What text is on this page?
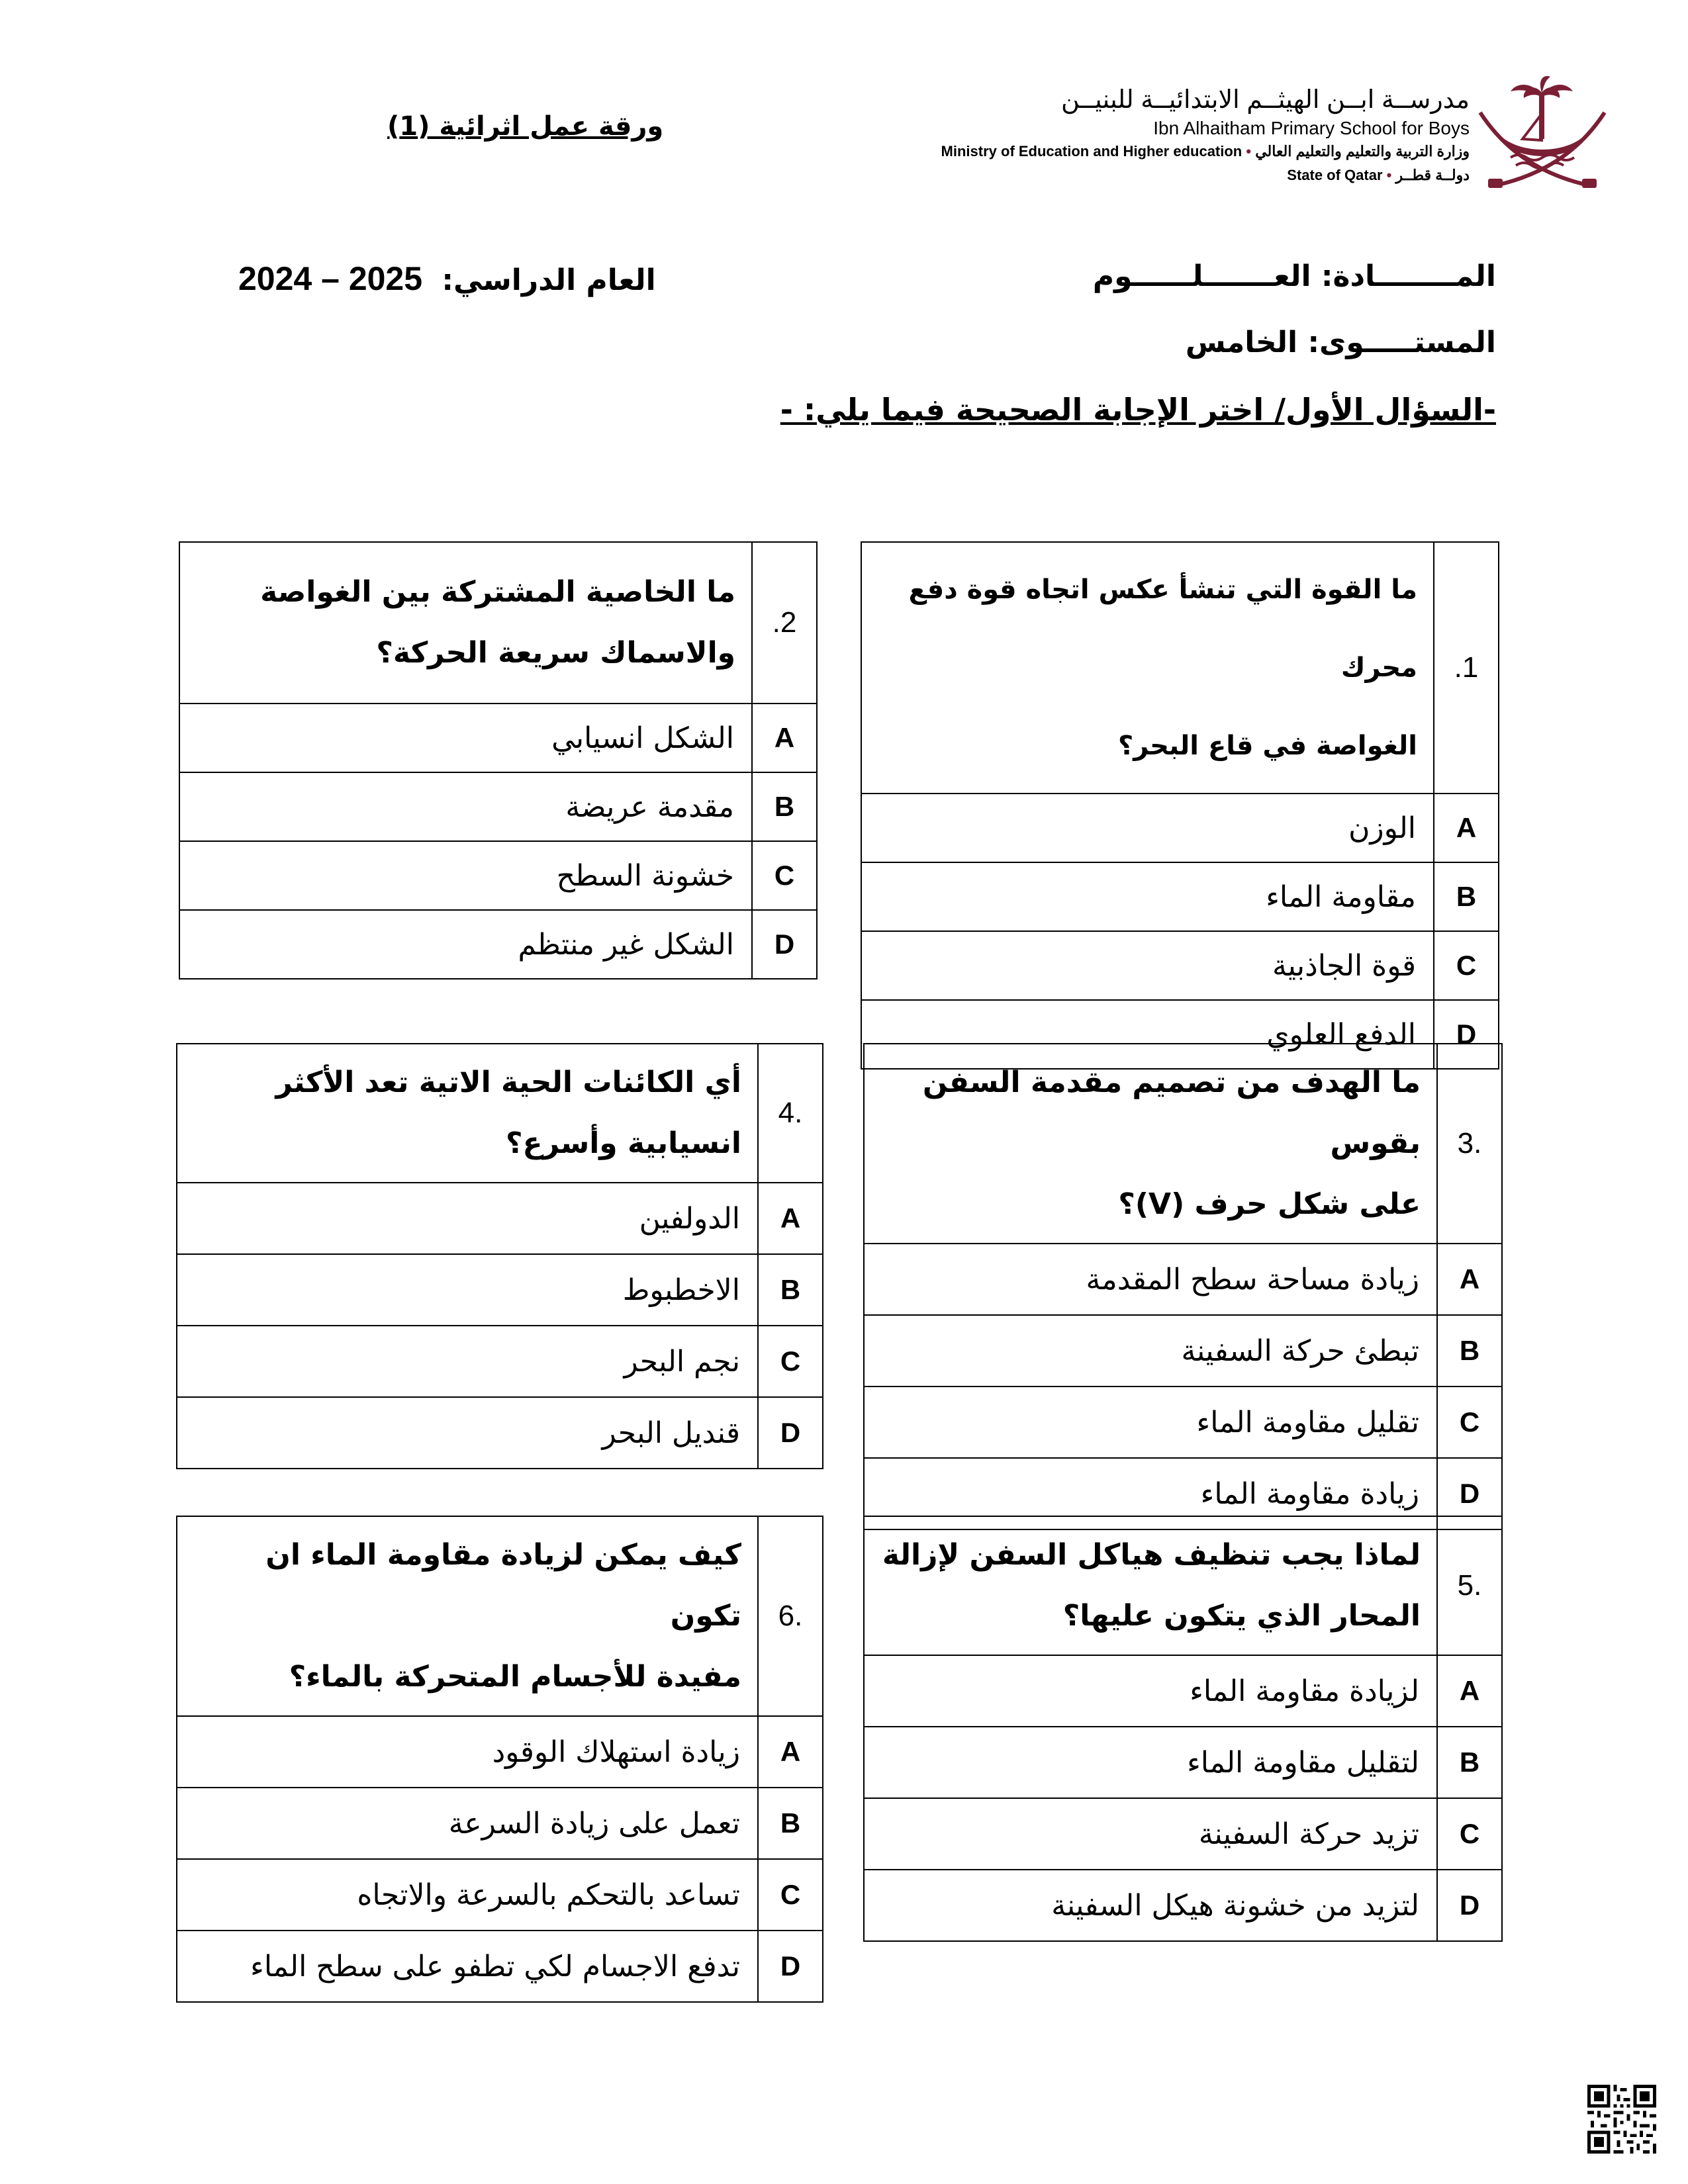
ورقة عمل اثرائية (1)
مدرســة ابــن الهيثــم الابتدائيــة للبنيــن
Ibn Alhaitham Primary School for Boys
Ministry of Education and Higher education • وزارة التربية والتعليم والتعليم العالي
State of Qatar • دولــة قطــر
المــــــــادة: العـــــــلــــــوم
المستـــــوى: الخامس
العام الدراسي: 2024 – 2025
-السؤال الأول/ اختر الإجابة الصحيحة فيما يلي: -
1.	ما القوة التي تنشأ عكس اتجاه قوة دفع محرك
الغواصة في قاع البحر؟

A	الوزن
B	مقاومة الماء
C	قوة الجاذبية
D	الدفع العلوي
2.	ما الخاصية المشتركة بين الغواصة
والاسماك سريعة الحركة؟

A	الشكل انسيابي
B	مقدمة عريضة
C	خشونة السطح
D	الشكل غير منتظم
.3	ما الهدف من تصميم مقدمة السفن بقوس
على شكل حرف (V)؟

A	زيادة مساحة سطح المقدمة
B	تبطئ حركة السفينة
C	تقليل مقاومة الماء
D	زيادة مقاومة الماء
.4	أي الكائنات الحية الاتية تعد الأكثر
انسيابية وأسرع؟

A	الدولفين
B	الاخطبوط
C	نجم البحر
D	قنديل البحر
.5	لماذا يجب تنظيف هياكل السفن لإزالة
المحار الذي يتكون عليها؟

A	لزيادة مقاومة الماء
B	لتقليل مقاومة الماء
C	تزيد حركة السفينة
D	لتزيد من خشونة هيكل السفينة
.6	كيف يمكن لزيادة مقاومة الماء ان تكون
مفيدة للأجسام المتحركة بالماء؟

A	زيادة استهلاك الوقود
B	تعمل على زيادة السرعة
C	تساعد بالتحكم بالسرعة والاتجاه
D	تدفع الاجسام لكي تطفو على سطح الماء
